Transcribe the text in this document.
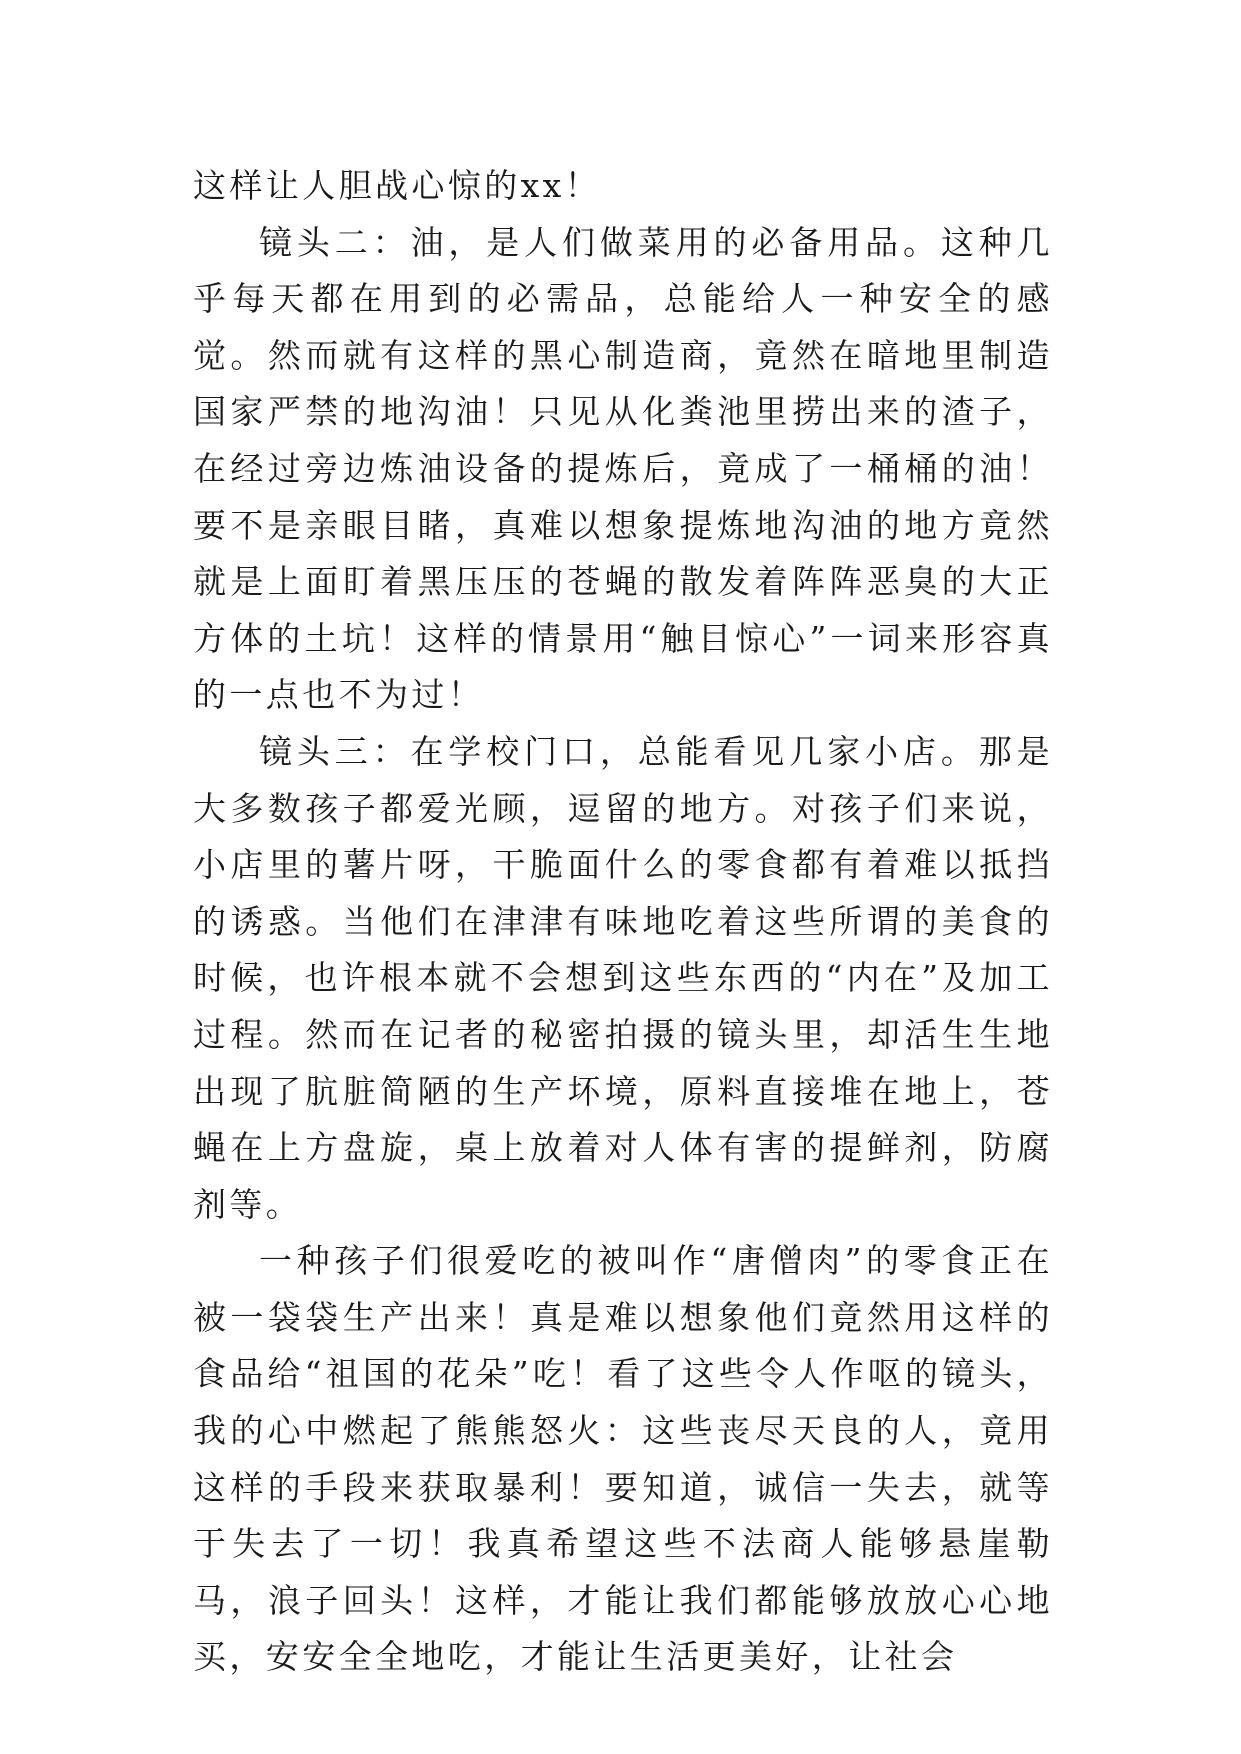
这样让人胆战心惊的xx！

镜头二：油，是人们做菜用的必备用品。这种几乎每天都在用到的必需品，总能给人一种安全的感觉。然而就有这样的黑心制造商，竟然在暗地里制造国家严禁的地沟油！只见从化粪池里捞出来的渣子，在经过旁边炼油设备的提炼后，竟成了一桶桶的油！要不是亲眼目睹，真难以想象提炼地沟油的地方竟然就是上面盯着黑压压的苍蝇的散发着阵阵恶臭的大正方体的土坑！这样的情景用“触目惊心”一词来形容真的一点也不为过！

镜头三：在学校门口，总能看见几家小店。那是大多数孩子都爱光顾，逗留的地方。对孩子们来说，小店里的薯片呀，干脆面什么的零食都有着难以抵挡的诱惑。当他们在津津有味地吃着这些所谓的美食的时候，也许根本就不会想到这些东西的“内在”及加工过程。然而在记者的秘密拍摄的镜头里，却活生生地出现了肮脏简陋的生产坏境，原料直接堆在地上，苍蝇在上方盘旋，桌上放着对人体有害的提鲜剂，防腐剂等。

一种孩子们很爱吃的被叫作“唐僧肉”的零食正在被一袋袋生产出来！真是难以想象他们竟然用这样的食品给“祖国的花朵”吃！看了这些令人作呕的镜头，我的心中燃起了熊熊怒火：这些丧尽天良的人，竟用这样的手段来获取暴利！要知道，诚信一失去，就等于失去了一切！我真希望这些不法商人能够悬崖勒马，浪子回头！这样，才能让我们都能够放放心心地买，安安全全地吃，才能让生活更美好，让社会
